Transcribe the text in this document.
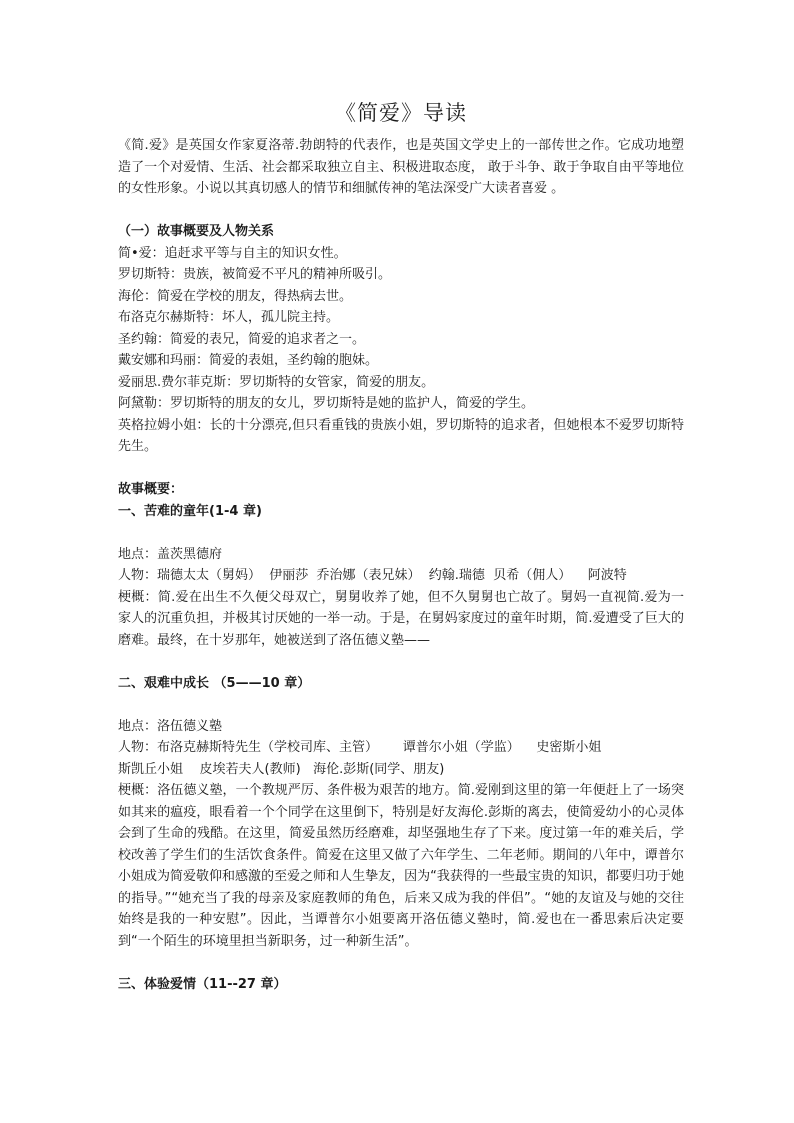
《简爱》导读

《简.爱》是英国女作家夏洛蒂.勃朗特的代表作，也是英国文学史上的一部传世之作。它成功地塑造了一个对爱情、生活、社会都采取独立自主、积极进取态度， 敢于斗争、敢于争取自由平等地位的女性形象。小说以其真切感人的情节和细腻传神的笔法深受广大读者喜爱 。

（一）故事概要及人物关系

简•爱：追赶求平等与自主的知识女性。

罗切斯特：贵族，被简爱不平凡的精神所吸引。

海伦：简爱在学校的朋友，得热病去世。

布洛克尔赫斯特：坏人，孤儿院主持。

圣约翰：简爱的表兄，简爱的追求者之一。

戴安娜和玛丽：简爱的表姐，圣约翰的胞妹。

爱丽思.费尔菲克斯：罗切斯特的女管家，简爱的朋友。

阿黛勒：罗切斯特的朋友的女儿，罗切斯特是她的监护人，简爱的学生。

英格拉姆小姐：长的十分漂亮,但只看重钱的贵族小姐，罗切斯特的追求者，但她根本不爱罗切斯特先生。

故事概要：

一、苦难的童年(1-4 章)

地点：盖茨黑德府

人物：瑞德太太（舅妈）  伊丽莎  乔治娜（表兄妹）  约翰.瑞德  贝希（佣人）    阿波特

梗概：简.爱在出生不久便父母双亡，舅舅收养了她，但不久舅舅也亡故了。舅妈一直视简.爱为一家人的沉重负担，并极其讨厌她的一举一动。于是，在舅妈家度过的童年时期，简.爱遭受了巨大的磨难。最终，在十岁那年，她被送到了洛伍德义塾——

二、艰难中成长 （5——10 章）

地点：洛伍德义塾

人物：布洛克赫斯特先生（学校司库、主管）      谭普尔小姐（学监）    史密斯小姐

斯凯丘小姐    皮埃若夫人(教师)   海伦.彭斯(同学、朋友)

梗概：洛伍德义塾，一个教规严厉、条件极为艰苦的地方。简.爱刚到这里的第一年便赶上了一场突如其来的瘟疫，眼看着一个个同学在这里倒下，特别是好友海伦.彭斯的离去，使简爱幼小的心灵体会到了生命的残酷。在这里，简爱虽然历经磨难，却坚强地生存了下来。度过第一年的难关后，学校改善了学生们的生活饮食条件。简爱在这里又做了六年学生、二年老师。期间的八年中，谭普尔小姐成为简爱敬仰和感激的至爱之师和人生挚友，因为“我获得的一些最宝贵的知识，都要归功于她的指导。”“她充当了我的母亲及家庭教师的角色，后来又成为我的伴侣”。“她的友谊及与她的交往始终是我的一种安慰”。因此，当谭普尔小姐要离开洛伍德义塾时，简.爱也在一番思索后决定要到“一个陌生的环境里担当新职务，过一种新生活”。

三、体验爱情（11--27 章）
